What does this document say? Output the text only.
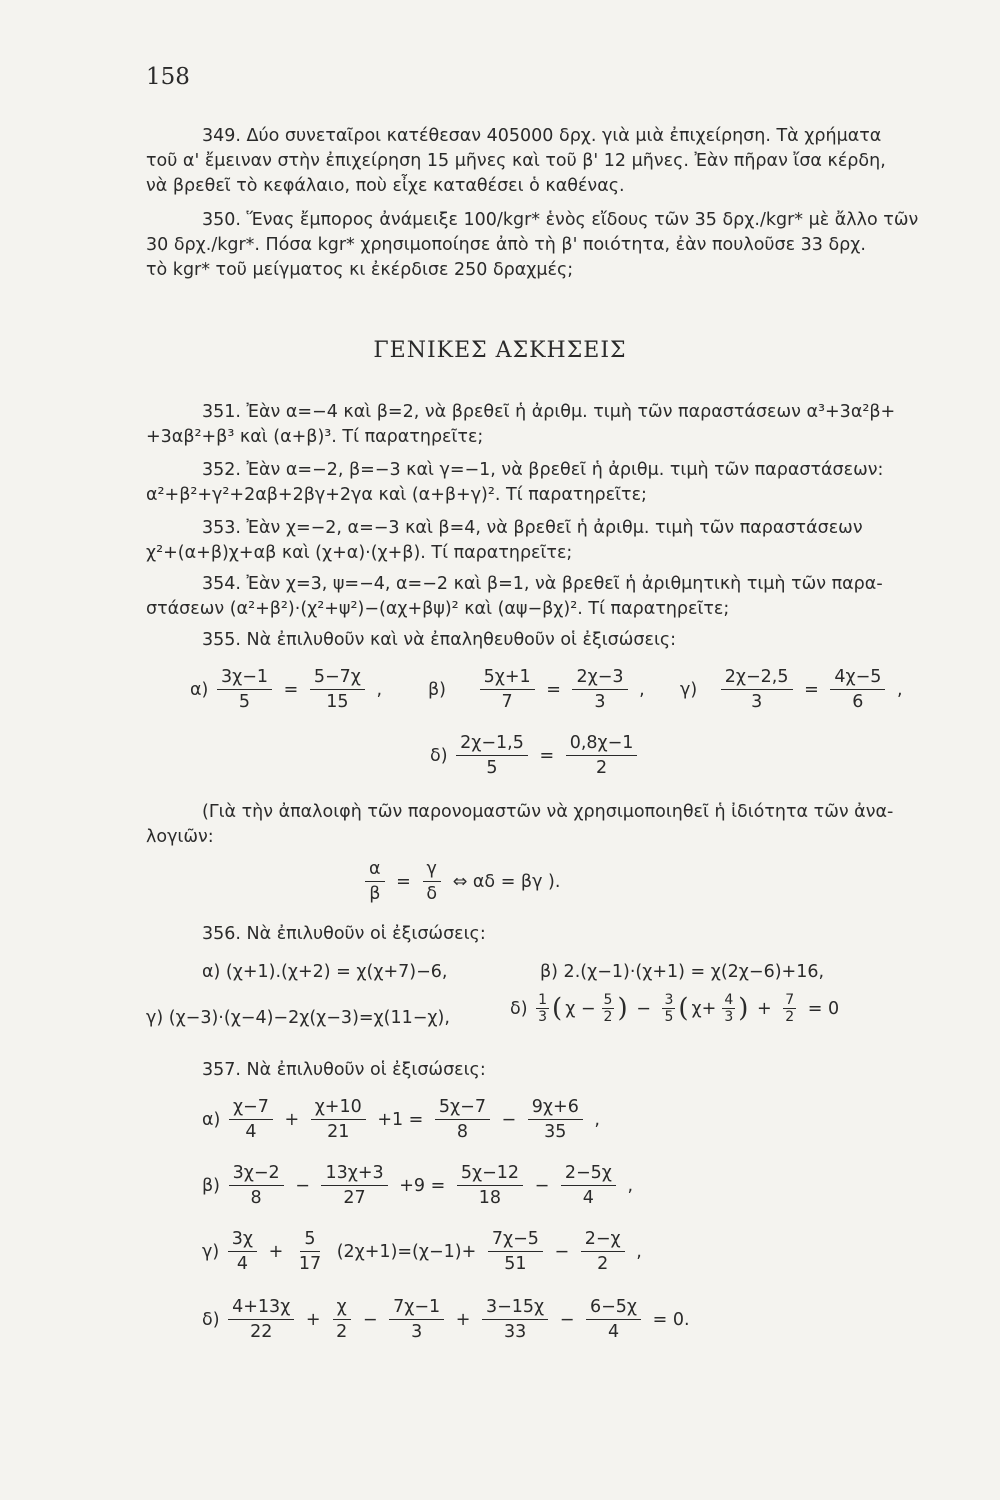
158
349. Δύο συνεταῖροι κατέθεσαν 405000 δρχ. γιὰ μιὰ ἐπιχείρηση. Τὰ χρήματα
τοῦ α' ἔμειναν στὴν ἐπιχείρηση 15 μῆνες καὶ τοῦ β' 12 μῆνες. Ἐὰν πῆραν ἴσα κέρδη,
νὰ βρεθεῖ τὸ κεφάλαιο, ποὺ εἶχε καταθέσει ὁ καθένας.
350. Ἕνας ἔμπορος ἀνάμειξε 100/kgr* ἑνὸς εἴδους τῶν 35 δρχ./kgr* μὲ ἄλλο τῶν
30 δρχ./kgr*. Πόσα kgr* χρησιμοποίησε ἀπὸ τὴ β' ποιότητα, ἐὰν πουλοῦσε 33 δρχ.
τὸ kgr* τοῦ μείγματος κι ἐκέρδισε 250 δραχμές;
ΓΕΝΙΚΕΣ ΑΣΚΗΣΕΙΣ
351. Ἐὰν α=−4 καὶ β=2, νὰ βρεθεῖ ἡ ἀριθμ. τιμὴ τῶν παραστάσεων α³+3α²β+
+3αβ²+β³ καὶ (α+β)³. Τί παρατηρεῖτε;
352. Ἐὰν α=−2, β=−3 καὶ γ=−1, νὰ βρεθεῖ ἡ ἀριθμ. τιμὴ τῶν παραστάσεων:
α²+β²+γ²+2αβ+2βγ+2γα καὶ (α+β+γ)². Τί παρατηρεῖτε;
353. Ἐὰν χ=−2, α=−3 καὶ β=4, νὰ βρεθεῖ ἡ ἀριθμ. τιμὴ τῶν παραστάσεων
χ²+(α+β)χ+αβ καὶ (χ+α)·(χ+β). Τί παρατηρεῖτε;
354. Ἐὰν χ=3, ψ=−4, α=−2 καὶ β=1, νὰ βρεθεῖ ἡ ἀριθμητικὴ τιμὴ τῶν παρα-
στάσεων (α²+β²)·(χ²+ψ²)−(αχ+βψ)² καὶ (αψ−βχ)². Τί παρατηρεῖτε;
355. Νὰ ἐπιλυθοῦν καὶ νὰ ἐπαληθευθοῦν οἱ ἐξισώσεις:
$\alpha) \frac{3\chi-1}{5} = \frac{5-7\chi}{15}$ ,	$\beta) \frac{5\chi+1}{7} = \frac{2\chi-3}{3}$ , $\gamma) \frac{2\chi-2,5}{3} = \frac{4\chi-5}{6}$ ,
$\delta) \frac{2\chi-1,5}{5} = \frac{0,8\chi-1}{2}$

(Γιὰ τὴν ἀπαλοιφὴ τῶν παρονομαστῶν νὰ χρησιμοποιηθεῖ ἡ ἰδιότητα τῶν ἀνα-
λογιῶν:
$\frac{\alpha}{\beta} = \frac{\gamma}{\delta}$ ⇔ αδ = βγ ).
356. Νὰ ἐπιλυθοῦν οἱ ἐξισώσεις:
α) (χ+1).(χ+2) = χ(χ+7)−6,	β) 2.(χ−1)·(χ+1) = χ(2χ−6)+16,
γ) (χ−3)·(χ−4)−2χ(χ−3)=χ(11−χ),	$\delta) \frac{1}{3}$ ( $\chi - \frac{5}{2}$ ) − $\frac{3}{5}$ ( $\chi+ \frac{4}{3}$ ) + $\frac{7}{2} = 0$
357. Νὰ ἐπιλυθοῦν οἱ ἐξισώσεις:
$\alpha) \frac{\chi-7}{4} + \frac{\chi+10}{21} +1 = \frac{5\chi-7}{8} - \frac{9\chi+6}{35}$ ,
$\beta) \frac{3\chi-2}{8} - \frac{13\chi+3}{27} +9 = \frac{5\chi-12}{18} - \frac{2-5\chi}{4}$ ,
$\gamma) \frac{3\chi}{4} + \frac{5}{17} (2\chi+1)=(\chi-1)+ \frac{7\chi-5}{51} - \frac{2-\chi}{2}$ ,
$\delta) \frac{4+13\chi}{22} + \frac{\chi}{2} - \frac{7\chi-1}{3} + \frac{3-15\chi}{33} - \frac{6-5\chi}{4} = 0$.
